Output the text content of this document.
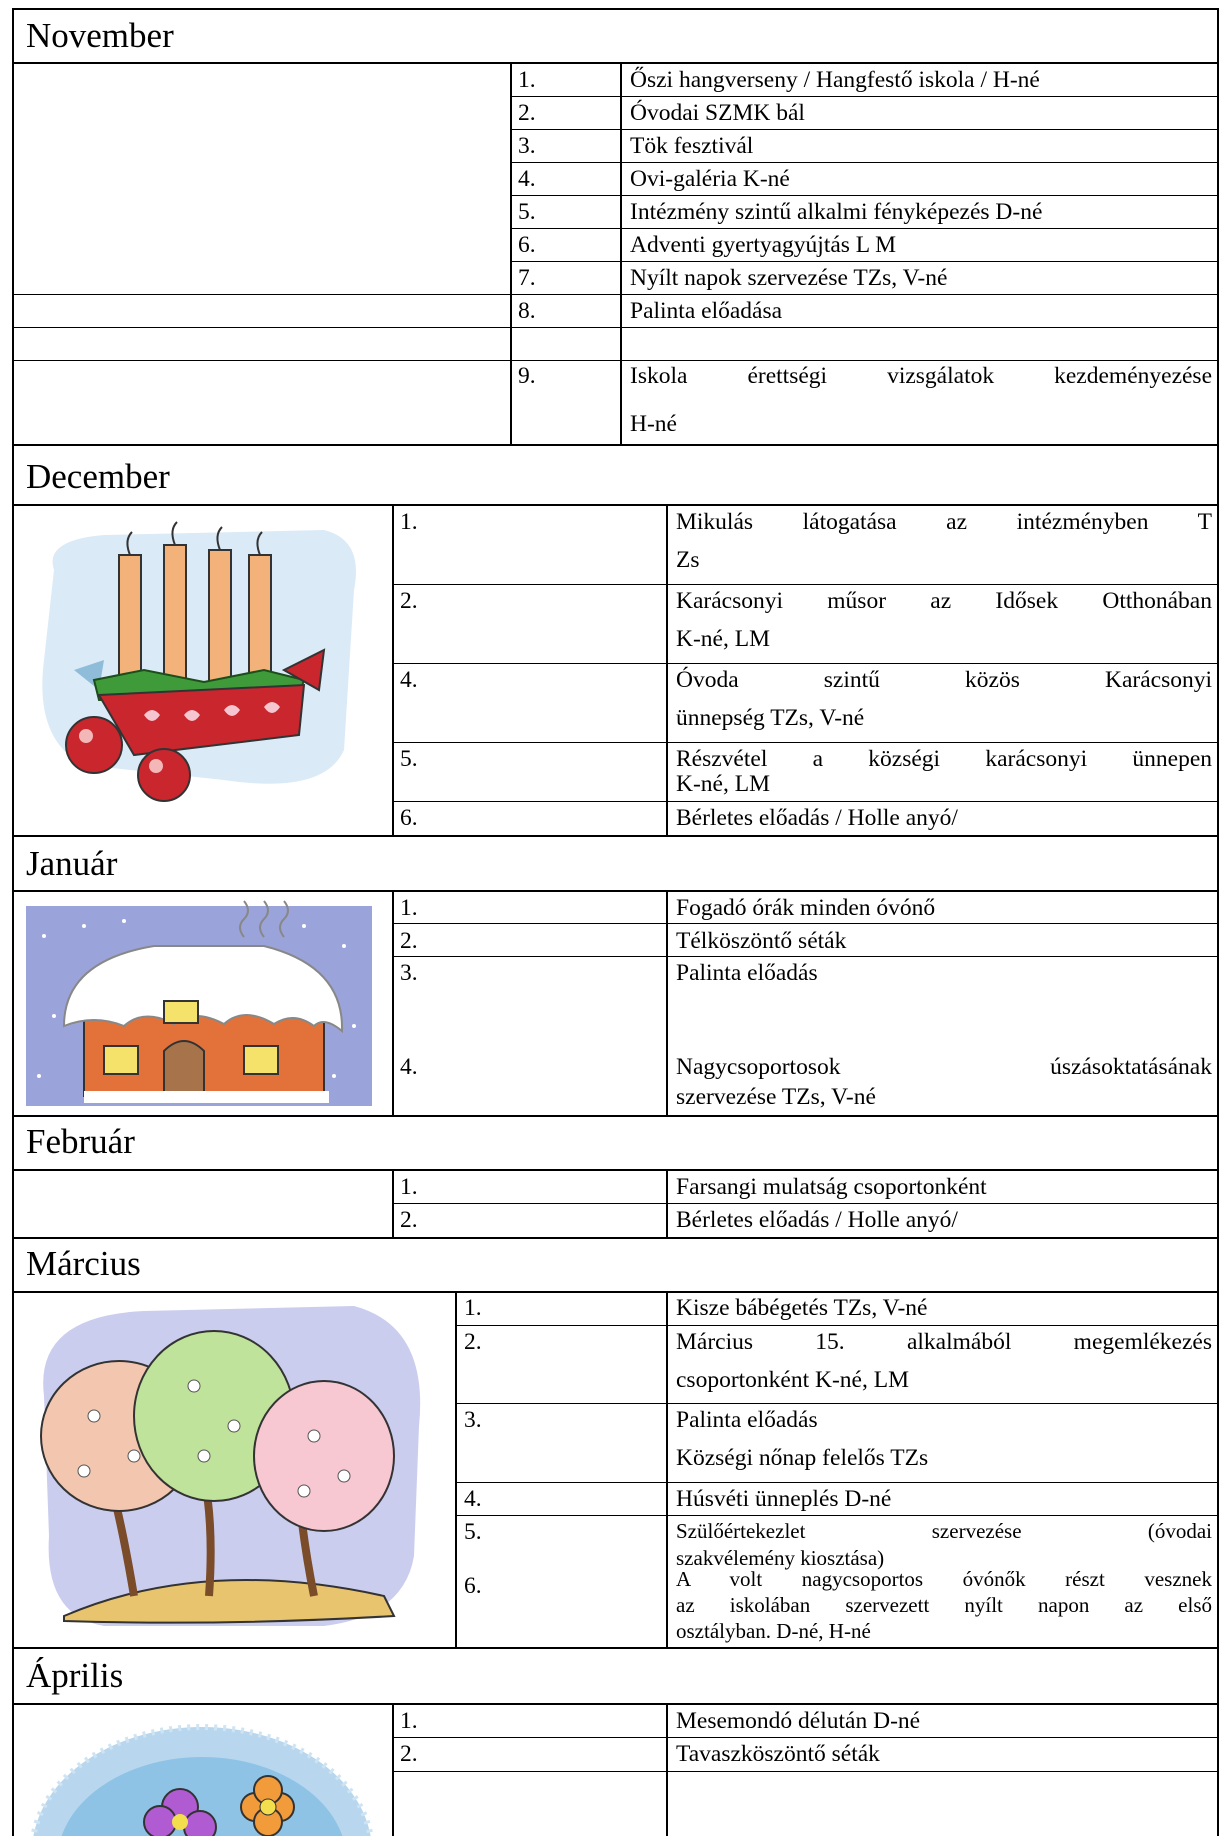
November
1.	Őszi hangverseny / Hangfestő iskola / H-né
2.	Óvodai SZMK bál
3.	Tök fesztivál
4.	Ovi-galéria K-né
5.	Intézmény szintű alkalmi fényképezés D-né
6.	Adventi gyertyagyújtás L M
7.	Nyílt napok szervezése TZs, V-né
8.	Palinta előadása
9.	Iskola érettségi vizsgálatok kezdeményezése
H-né
December
1.	Mikulás látogatása az intézményben T
Zs
2.	Karácsonyi műsor az Idősek Otthonában
K-né, LM
4.	Óvoda szintű közös Karácsonyi
ünnepség TZs, V-né
5.	Részvétel a községi karácsonyi ünnepen
K-né, LM
6.	Bérletes előadás / Holle anyó/
Január
1.	Fogadó órák minden óvónő
2.	Télköszöntő séták
3.	Palinta előadás
4.	Nagycsoportosok úszásoktatásának
szervezése TZs, V-né
Február
1.	Farsangi mulatság csoportonként
2.	Bérletes előadás / Holle anyó/
Március
1.	Kisze bábégetés TZs, V-né
2.	Március 15. alkalmából megemlékezés
csoportonként K-né, LM
3.	Palinta előadás
Községi nőnap felelős TZs
4.	Húsvéti ünneplés D-né
5.	Szülőértekezlet szervezése (óvodai
szakvélemény kiosztása)
6.	A volt nagycsoportos óvónők részt vesznek
az iskolában szervezett nyílt napon az első
osztályban. D-né, H-né
Április
1.	Mesemondó délután D-né
2.	Tavaszköszöntő séták
